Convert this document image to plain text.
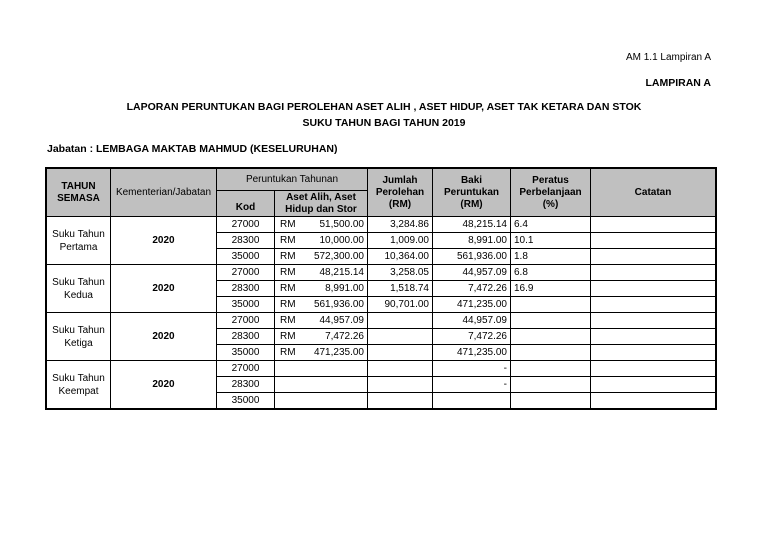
AM 1.1 Lampiran A
LAMPIRAN A
LAPORAN PERUNTUKAN BAGI PEROLEHAN ASET ALIH , ASET HIDUP, ASET TAK KETARA DAN STOK
SUKU TAHUN BAGI TAHUN 2019
Jabatan : LEMBAGA MAKTAB MAHMUD (KESELURUHAN)
TAHUN SEMASA	Kementerian/Jabatan	Peruntukan Tahunan		Jumlah Perolehan (RM)	Baki Peruntukan (RM)	Peratus Perbelanjaan (%)	Catatan
		Kod	Aset Alih, Aset Hidup dan Stor				
Suku Tahun Pertama	2020	27000	RM 51,500.00	3,284.86	48,215.14	6.4	
		28300	RM 10,000.00	1,009.00	8,991.00	10.1	
		35000	RM 572,300.00	10,364.00	561,936.00	1.8	
Suku Tahun Kedua	2020	27000	RM 48,215.14	3,258.05	44,957.09	6.8	
		28300	RM 8,991.00	1,518.74	7,472.26	16.9	
		35000	RM 561,936.00	90,701.00	471,235.00		
Suku Tahun Ketiga	2020	27000	RM 44,957.09		44,957.09		
		28300	RM 7,472.26		7,472.26		
		35000	RM 471,235.00		471,235.00		
Suku Tahun Keempat	2020	27000			-		
		28300			-		
		35000	
